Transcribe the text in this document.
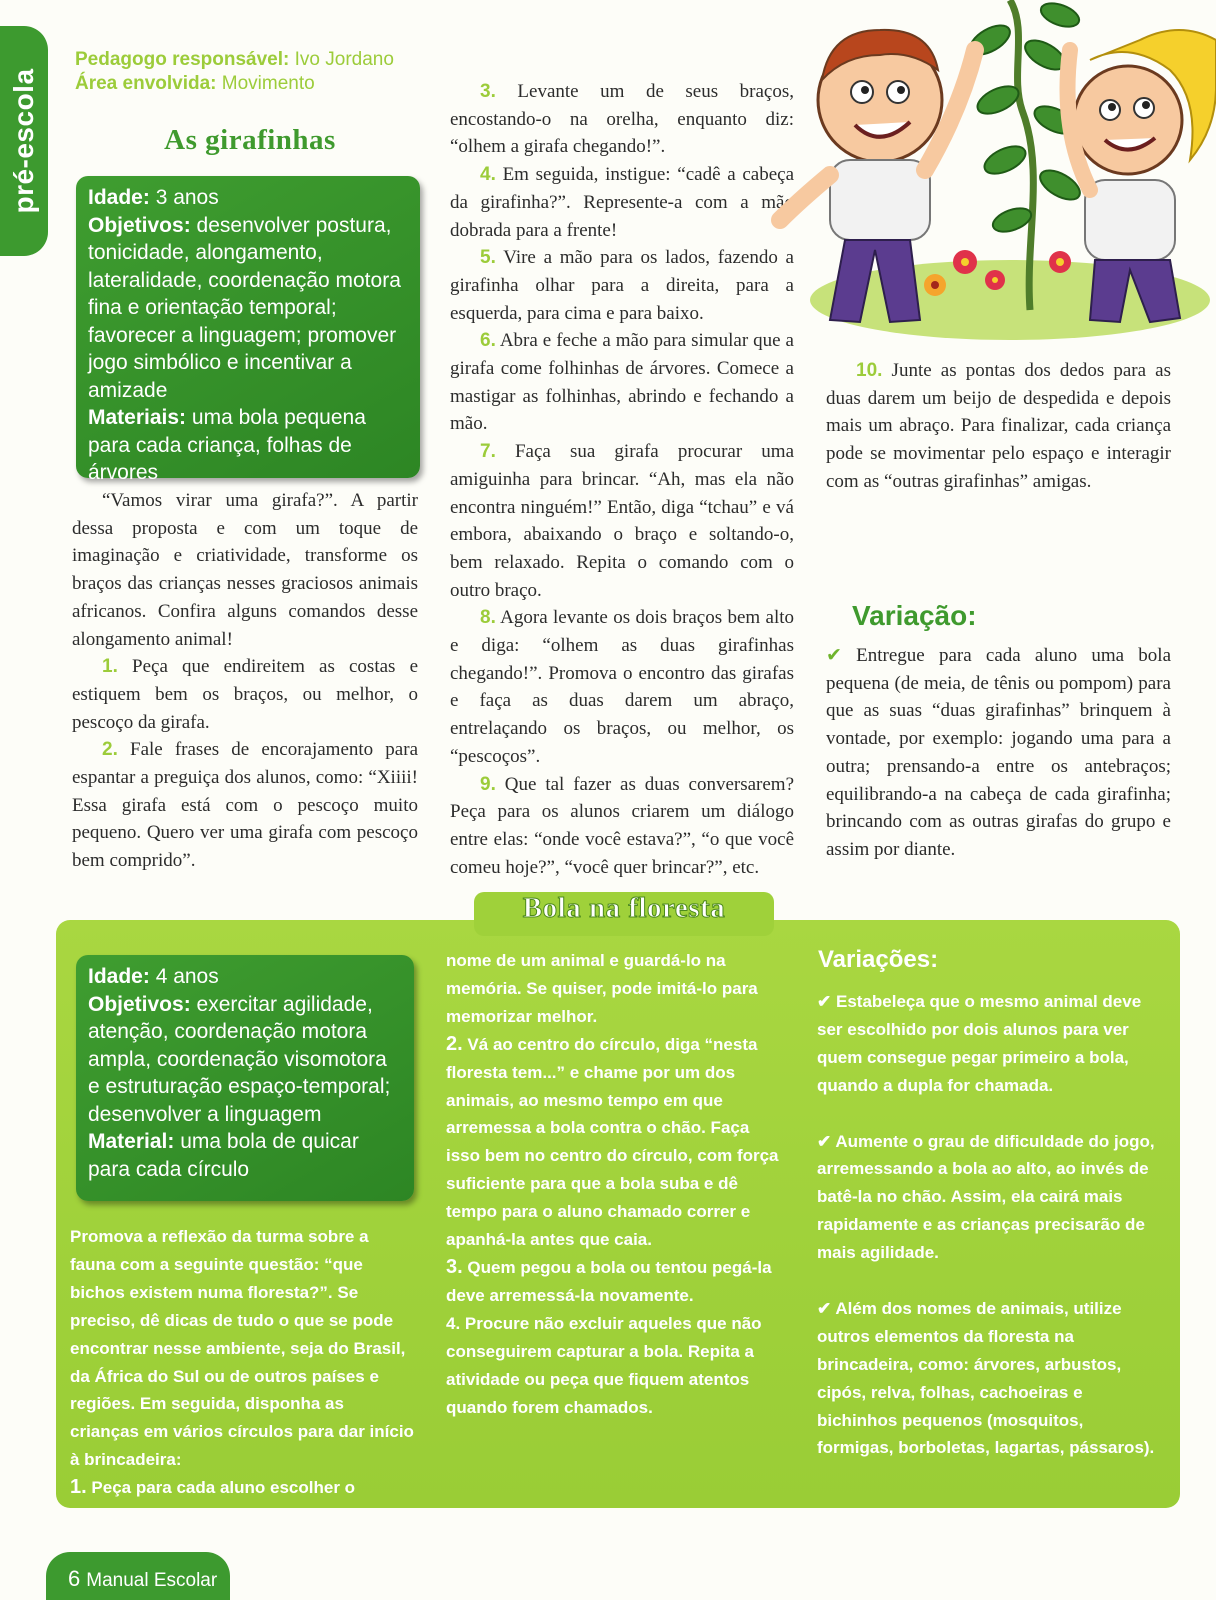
pré-escola
Pedagogo responsável: Ivo Jordano
Área envolvida: Movimento
As girafinhas
Idade: 3 anos
Objetivos: desenvolver postura, tonicidade, alongamento, lateralidade, coordenação motora fina e orientação temporal; favorecer a linguagem; promover jogo simbólico e incentivar a amizade
Materiais: uma bola pequena para cada criança, folhas de árvores

“Vamos virar uma girafa?”. A partir dessa proposta e com um toque de imaginação e criatividade, transforme os braços das crianças nesses graciosos animais africanos. Confira alguns comandos desse alongamento animal!

1. Peça que endireitem as costas e estiquem bem os braços, ou melhor, o pescoço da girafa.

2. Fale frases de encorajamento para espantar a preguiça dos alunos, como: “Xiiii! Essa girafa está com o pescoço muito pequeno. Quero ver uma girafa com pescoço bem comprido”.

3. Levante um de seus braços, encostando-o na orelha, enquanto diz: “olhem a girafa chegando!”.

4. Em seguida, instigue: “cadê a cabeça da girafinha?”. Represente-a com a mão dobrada para a frente!

5. Vire a mão para os lados, fazendo a girafinha olhar para a direita, para a esquerda, para cima e para baixo.

6. Abra e feche a mão para simular que a girafa come folhinhas de árvores. Comece a mastigar as folhinhas, abrindo e fechando a mão.

7. Faça sua girafa procurar uma amiguinha para brincar. “Ah, mas ela não encontra ninguém!” Então, diga “tchau” e vá embora, abaixando o braço e soltando-o, bem relaxado. Repita o comando com o outro braço.

8. Agora levante os dois braços bem alto e diga: “olhem as duas girafinhas chegando!”. Promova o encontro das girafas e faça as duas darem um abraço, entrelaçando os braços, ou melhor, os “pescoços”.

9. Que tal fazer as duas conversarem? Peça para os alunos criarem um diálogo entre elas: “onde você estava?”, “o que você comeu hoje?”, “você quer brincar?”, etc.

10. Junte as pontas dos dedos para as duas darem um beijo de despedida e depois mais um abraço. Para finalizar, cada criança pode se movimentar pelo espaço e interagir com as “outras girafinhas” amigas.

Variação:
✔ Entregue para cada aluno uma bola pequena (de meia, de tênis ou pompom) para que as suas “duas girafinhas” brinquem à vontade, por exemplo: jogando uma para a outra; prensando-a entre os antebraços; equilibrando-a na cabeça de cada girafinha; brincando com as outras girafas do grupo e assim por diante.
Bola na floresta
Idade: 4 anos
Objetivos: exercitar agilidade, atenção, coordenação motora ampla, coordenação visomotora e estruturação espaço-temporal; desenvolver a linguagem
Material: uma bola de quicar para cada círculo
Promova a reflexão da turma sobre a fauna com a seguinte questão: “que bichos existem numa floresta?”. Se preciso, dê dicas de tudo o que se pode encontrar nesse ambiente, seja do Brasil, da África do Sul ou de outros países e regiões. Em seguida, disponha as crianças em vários círculos para dar início à brincadeira:
1. Peça para cada aluno escolher o
nome de um animal e guardá-lo na memória. Se quiser, pode imitá-lo para memorizar melhor.
2. Vá ao centro do círculo, diga “nesta floresta tem...” e chame por um dos animais, ao mesmo tempo em que arremessa a bola contra o chão. Faça isso bem no centro do círculo, com força suficiente para que a bola suba e dê tempo para o aluno chamado correr e apanhá-la antes que caia.
3. Quem pegou a bola ou tentou pegá-la deve arremessá-la novamente.
4. Procure não excluir aqueles que não conseguirem capturar a bola. Repita a atividade ou peça que fiquem atentos quando forem chamados.
Variações:
✔ Estabeleça que o mesmo animal deve ser escolhido por dois alunos para ver quem consegue pegar primeiro a bola, quando a dupla for chamada.
✔ Aumente o grau de dificuldade do jogo, arremessando a bola ao alto, ao invés de batê-la no chão. Assim, ela cairá mais rapidamente e as crianças precisarão de mais agilidade.
✔ Além dos nomes de animais, utilize outros elementos da floresta na brincadeira, como: árvores, arbustos, cipós, relva, folhas, cachoeiras e bichinhos pequenos (mosquitos, formigas, borboletas, lagartas, pássaros).
6 Manual Escolar
